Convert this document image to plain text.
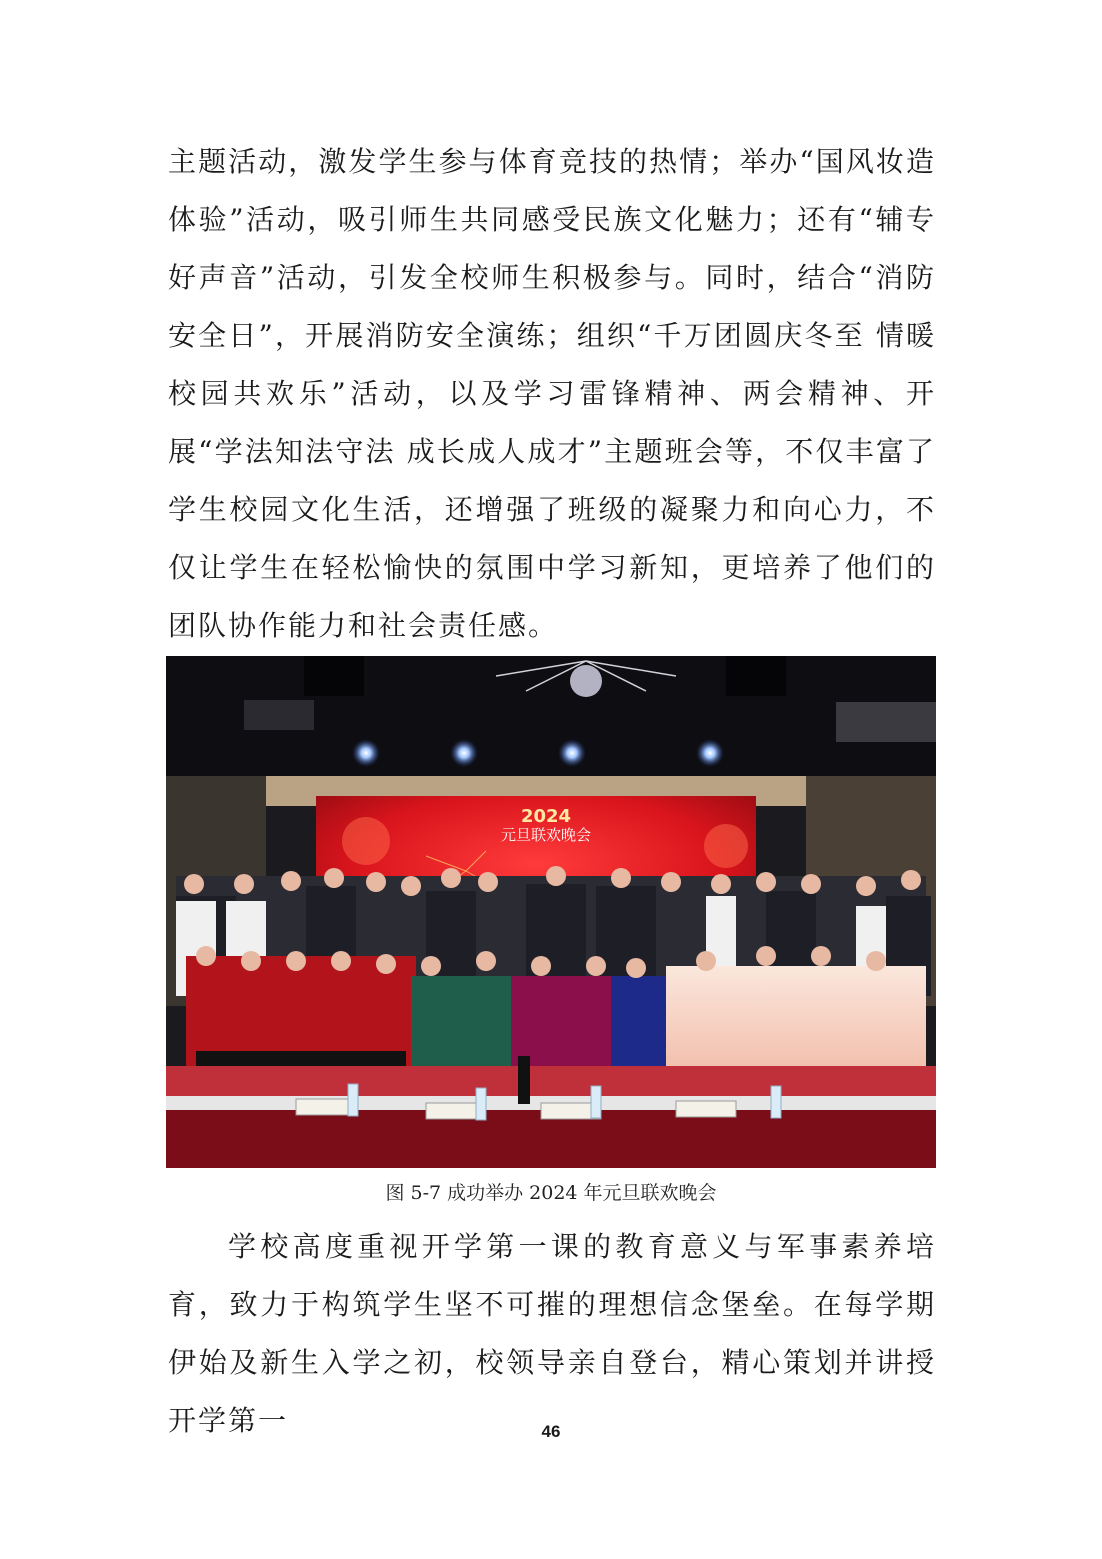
主题活动，激发学生参与体育竞技的热情；举办“国风妆造体验”活动，吸引师生共同感受民族文化魅力；还有“辅专好声音”活动，引发全校师生积极参与。同时，结合“消防安全日”，开展消防安全演练；组织“千万团圆庆冬至 情暖校园共欢乐”活动，以及学习雷锋精神、两会精神、开展“学法知法守法 成长成人成才”主题班会等，不仅丰富了学生校园文化生活，还增强了班级的凝聚力和向心力，不仅让学生在轻松愉快的氛围中学习新知，更培养了他们的团队协作能力和社会责任感。

2024
元旦联欢晚会
图 5-7 成功举办 2024 年元旦联欢晚会

学校高度重视开学第一课的教育意义与军事素养培育，致力于构筑学生坚不可摧的理想信念堡垒。在每学期伊始及新生入学之初，校领导亲自登台，精心策划并讲授开学第一	46
